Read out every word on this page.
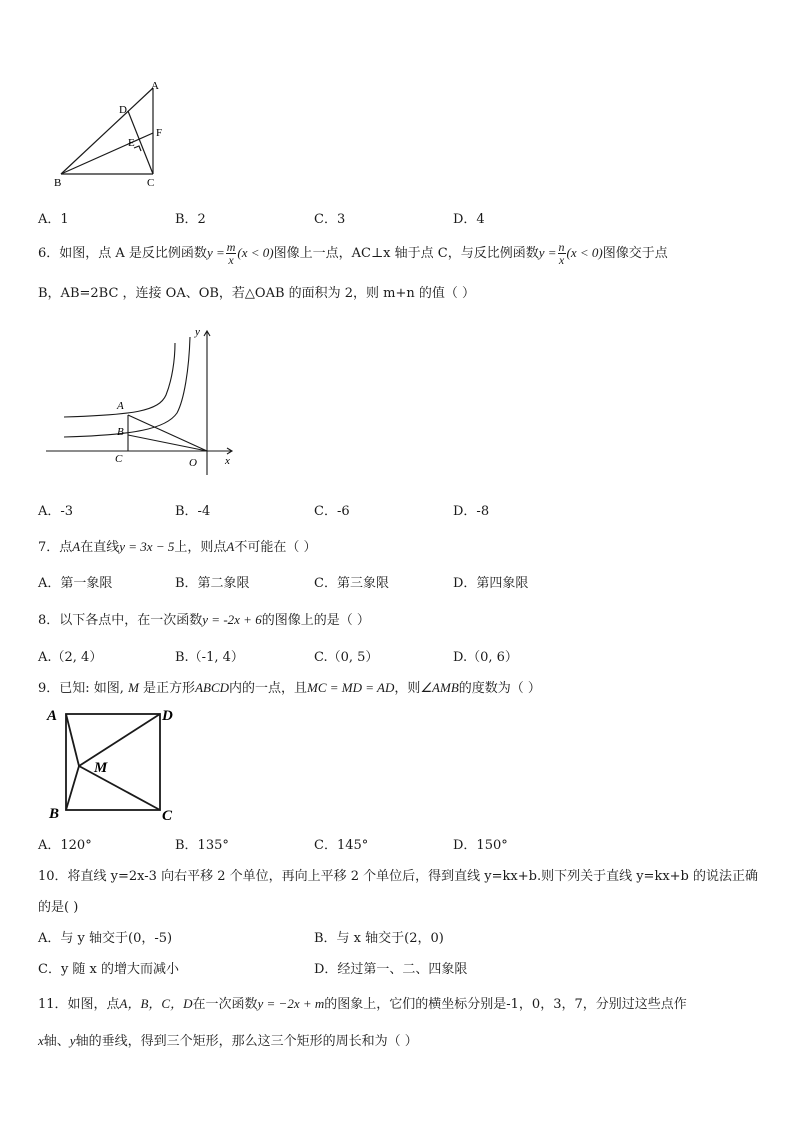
A
D
F
E
B	C
A．1	B．2	C．3	D．4
6．如图，点 A 是反比例函数$y = \frac{m}{x} (x < 0)$图像上一点，AC⊥x 轴于点 C，与反比例函数$y = \frac{n}{x} (x < 0)$图像交于点
B，AB=2BC ，连接 OA、OB，若△OAB 的面积为 2，则 m+n 的值（ ）
A
B
C	O	x
y
A．-3	B．-4	C．-6	D．-8
7．点A在直线y = 3x − 5上，则点A不可能在（ ）
A．第一象限	B．第二象限	C．第三象限	D．第四象限
8．以下各点中，在一次函数y = -2x + 6的图像上的是（ ）
A.（2, 4）	B.（-1, 4）	C.（0, 5）	D.（0, 6）
9．已知: 如图, M 是正方形ABCD内的一点，且MC = MD = AD，则∠AMB的度数为（ ）
A	D
M
B	C
A．120°	B．135°	C．145°	D．150°
10．将直线 y=2x-3 向右平移 2 个单位，再向上平移 2 个单位后，得到直线 y=kx+b.则下列关于直线 y=kx+b 的说法正确
的是( )
A．与 y 轴交于(0，-5)	B．与 x 轴交于(2，0)
C．y 随 x 的增大而减小	D．经过第一、二、四象限
11．如图，点A，B，C，D在一次函数y = −2x + m的图象上，它们的横坐标分别是-1，0，3，7，分别过这些点作
x轴、y轴的垂线，得到三个矩形，那么这三个矩形的周长和为（ ）
